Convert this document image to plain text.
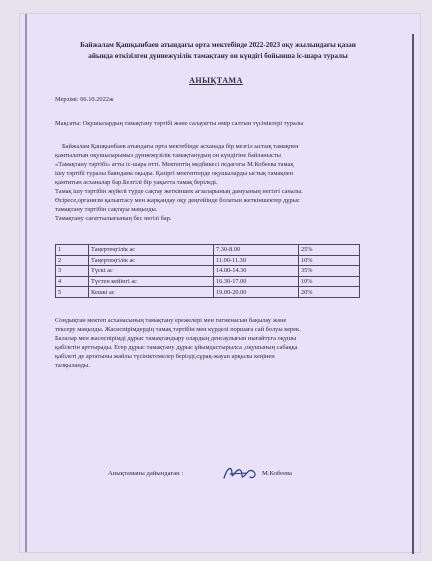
Байжалам Қашқынбаев атындағы орта мектебінде 2022-2023 оқу жылындағы қазан
айында өткізілген дүниежүзілік тамақтану он күндігі бойынша іс-шара туралы
АНЫҚТАМА
Мерзімі: 06.10.2022ж
Мақсаты: Оқушылардың тамақтану тәртібі және салауатты өмір салтын түсініктері туралы
Байжалам Қашқынбаев атындағы орта мектебінде асханада бір мезгіл ыстық тамақпен
қамтылатын оқушыларымыз дүниежүзілік тамақтанудың он күндігіне байланысты
«Тамақтану тәртібі» атты іс-шара өтті. Мектептің медбикесі педагогы М.Кобеева тамақ
ішу тәртібі туралы баяндама оқыды. Қазіргі мектептерде оқушыларды ыстық тамақпен
қамтитын асханалар бар.Белгілі бір уақытта тамақ беріледі.
Тамақ ішу тәртібін жүйелі түрде сақтау жеткіншек ағзаларының дамуының негізгі саналы.
Өсіресе,организм қалыптасу мен жарқандау оқу деңгейінде болатын жеткіншектер дұрыс
тамақтану тәртібін сақтауы маңызды.
Тамақтану сағаттылығының бес негізі бар.
1	Таңертеңгілік ас	7.30-8.00	25%
2	Таңертеңгілік ас	11.00-11.30	10%
3	Түскі ас	14.00-14.30	35%
4	Түстен кейінгі ас	16.30-17.00	10%
5	Кешкі ас	19.00-20.00	20%
Сондықтан мектеп асханасының тамақтану ережелері мен гигиенасын бақылау және
тексеру маңызды. Жасөспірімдердің тамақ тәртібін мен күрделі поршаға сай болуы керек.
Балалар мен жасөспірімді дұрыс тамақтандыру олардың денсаулығын нығайтуға оқушы
қабілетін арттырады. Егер дұрыс тамақтану дұрыс ұйымдастырылса ,оқушының сабаққа
қабілеті де артатыны жайлы түсініктемелер берілді,сұрақ-жауап арқылы кеңінен
талқыланды.
Анықтаманы дайындаған :	М.Кобеева
